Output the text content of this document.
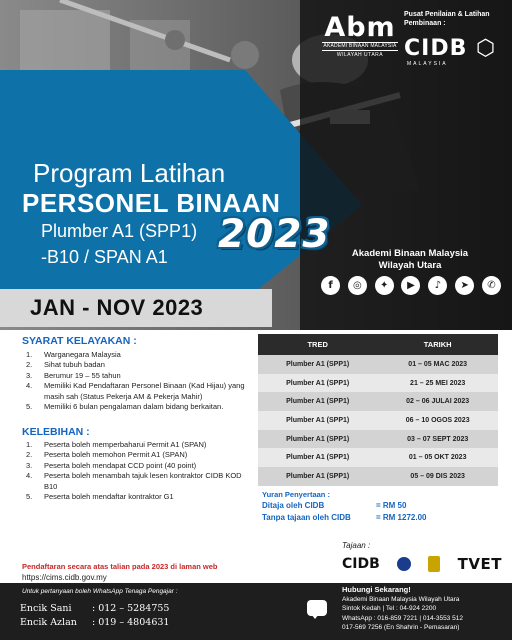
Abm
AKADEMI BINAAN MALAYSIA
WILAYAH UTARA
Pusat Penilaian & Latihan Pembinaan :
CIDB ⬡
MALAYSIA
Program Latihan
PERSONEL BINAAN
Plumber A1 (SPP1)
-B10 / SPAN A1 2023	Akademi Binaan Malaysia
Wilayah Utara
f	◎	✦	▶	♪	➤	✆
JAN - NOV 2023
SYARAT KELAYAKAN :
1.	Warganegara Malaysia
2.	Sihat tubuh badan
3.	Berumur 19 – 55 tahun
4.	Memiliki Kad Pendaftaran Personel Binaan (Kad Hijau) yang masih sah (Status Pekerja AM & Pekerja Mahir)
5.	Memiliki 6 bulan pengalaman dalam bidang berkaitan.
KELEBIHAN :
1.	Peserta boleh memperbaharui Permit A1 (SPAN)
2.	Peserta boleh memohon Permit A1 (SPAN)
3.	Peserta boleh mendapat CCD point (40 point)
4.	Peserta boleh menambah tajuk lesen kontraktor CIDB KOD B10
5.	Peserta boleh mendaftar kontraktor G1
Pendaftaran secara atas talian pada 2023 di laman web
https://cims.cidb.gov.my
TRED	TARIKH
Plumber A1 (SPP1)	01 – 05 MAC 2023
Plumber A1 (SPP1)	21 – 25 MEI 2023
Plumber A1 (SPP1)	02 – 06 JULAI 2023
Plumber A1 (SPP1)	06 – 10 OGOS 2023
Plumber A1 (SPP1)	03 – 07 SEPT 2023
Plumber A1 (SPP1)	01 – 05 OKT 2023
Plumber A1 (SPP1)	05 – 09 DIS 2023
Yuran Penyertaan :
Ditaja oleh CIDB	= RM 50
Tanpa tajaan oleh CIDB	= RM 1272.00
Tajaan :
CIDB	TVET
Untuk pertanyaan boleh WhatsApp Tenaga Pengajar :
Encik Sani : 012 – 5284755
Encik Azlan : 019 – 4804631
Hubungi Sekarang!
Akademi Binaan Malaysia Wilayah Utara
Sintok Kedah | Tel : 04-924 2200
WhatsApp : 016-859 7221 | 014-3553 512
017-569 7256 (En Shahrin - Pemasaran)
